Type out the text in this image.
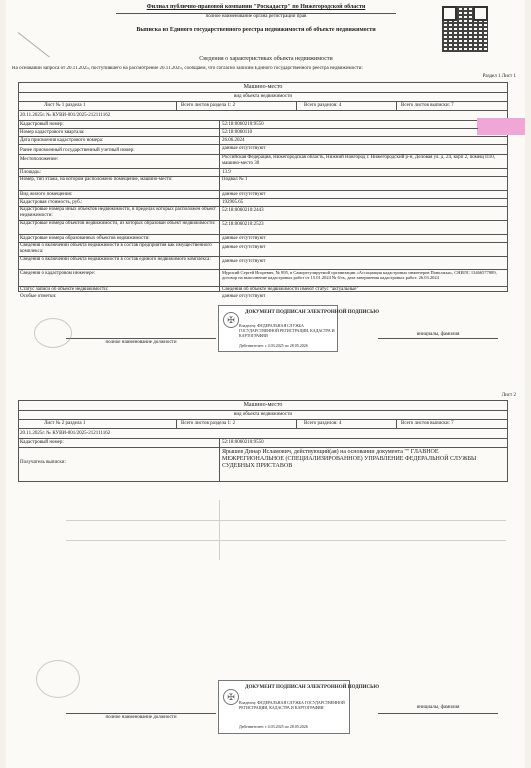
Филиал публично-правовой компании "Роскадастр" по Нижегородской области
полное наименование органа регистрации прав
Выписка из Единого государственного реестра недвижимости об объекте недвижимости
Сведения о характеристиках объекта недвижимости
На основании запроса от 20.11.2025, поступившего на рассмотрение 20.11.2025, сообщаем, что согласно записям Единого государственного реестра недвижимости:
Раздел 1 Лист 1
Машино-место
вид объекта недвижимости
Лист № 1 раздела 1	Всего листов раздела 1: 2	Всего разделов: 4	Всего листов выписки: 7
20.11.2025г. № КУВИ-001/2025-212111162
Кадастровый номер:	52:18:0060210:9550
Номер кадастрового квартала:	52:18:0060110
Дата присвоения кадастрового номера:	26.06.2024
Ранее присвоенный государственный учетный номер:	данные отсутствуют
Местоположение:	Российская Федерация, Нижегородская область, Нижний Новгород г. Нижегородский р-н, Деловая ул. д. 24, корп 2, помещ П10, машино-место 30
Площадь:	13.9
Номер, тип этажа, на котором расположено помещение, машино-место:	Подвал № 1
Вид жилого помещения:	данные отсутствуют
Кадастровая стоимость, руб.:	192905.65
Кадастровые номера иных объектов недвижимости, в пределах которых расположен объект недвижимости:
52:18:0060210:2443
Кадастровые номера объектов недвижимости, из которых образован объект недвижимости: 52:18:0060210:2523
Кадастровые номера образованных объектов недвижимости:	данные отсутствуют
Сведения о включении объекта недвижимости в состав предприятия как имущественного комплекса:
данные отсутствуют
Сведения о включении объекта недвижимости в состав единого недвижимого комплекса:	данные отсутствуют
Сведения о кадастровом инженере:	Мурский Сергей Игоревич, № 895, в Саморегулируемой организации «Ассоциация кадастровых инженеров Поволжья», СНИЛС 13466577889, договор на выполнение кадастровых работ от 15.01.2024 № 6/ть, дата завершения кадастровых работ: 26.03.2024
Статус записи об объекте недвижимости:	Сведения об объекте недвижимости имеют статус "актуальные"
Особые отметки:	данные отсутствуют
✠
ДОКУМЕНТ ПОДПИСАН ЭЛЕКТРОННОЙ ПОДПИСЬЮ
Владелец: ФЕДЕРАЛЬНАЯ СЛУЖБА ГОСУДАРСТВЕННОЙ РЕГИСТРАЦИИ, КАДАСТРА И КАРТОГРАФИИ
Действителен: с 4.03.2025 по 28.05.2026
полное наименование должности
инициалы, фамилия
Лист 2
Машино-место
вид объекта недвижимости
Лист № 2 раздела 1	Всего листов раздела 1: 2	Всего разделов: 4	Всего листов выписки: 7
20.11.2025г. № КУВИ-001/2025-212111162
Кадастровый номер:	52:18:0060210:9550
Получатель выписки:
Ярышев Динар Исламович, действующий(ая) на основании документа "" ГЛАВНОЕ МЕЖРЕГИОНАЛЬНОЕ (СПЕЦИАЛИЗИРОВАННОЕ) УПРАВЛЕНИЕ ФЕДЕРАЛЬНОЙ СЛУЖБЫ СУДЕБНЫХ ПРИСТАВОВ
✠
ДОКУМЕНТ ПОДПИСАН ЭЛЕКТРОННОЙ ПОДПИСЬЮ
Владелец: ФЕДЕРАЛЬНАЯ СЛУЖБА ГОСУДАРСТВЕННОЙ РЕГИСТРАЦИИ, КАДАСТРА И КАРТОГРАФИИ
Действителен: с 4.03.2025 по 28.05.2026
полное наименование должности
инициалы, фамилия
